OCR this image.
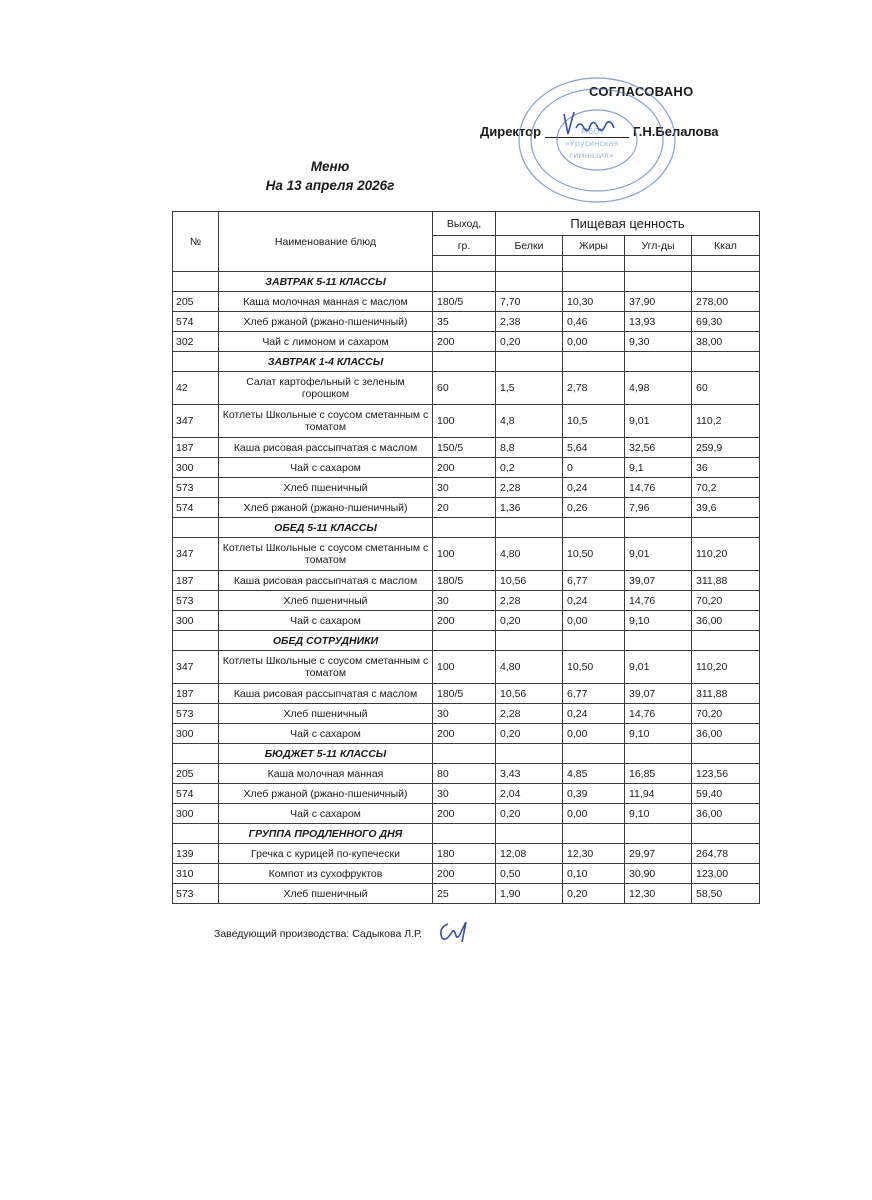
СОГЛАСОВАНО
Директор	Г.Н.Белалова
МБОУ
«Урусинская
гимназия»
Меню
На 13 апреля 2026г
№	Наименование блюд	Выход,	Пищевая ценность			
		гр.	Белки	Жиры	Угл-ды	Ккал

	ЗАВТРАК 5-11 КЛАССЫ					
205	Каша молочная манная с маслом	180/5	7,70	10,30	37,90	278,00
574	Хлеб ржаной (ржано-пшеничный)	35	2,38	0,46	13,93	69,30
302	Чай с лимоном и сахаром	200	0,20	0,00	9,30	38,00
	ЗАВТРАК 1-4 КЛАССЫ					
42	Салат картофельный с зеленым горошком	60	1,5	2,78	4,98	60
347	Котлеты Школьные с соусом сметанным с томатом	100	4,8	10,5	9,01	110,2
187	Каша рисовая рассыпчатая с маслом	150/5	8,8	5,64	32,56	259,9
300	Чай с сахаром	200	0,2	0	9,1	36
573	Хлеб пшеничный	30	2,28	0,24	14,76	70,2
574	Хлеб ржаной (ржано-пшеничный)	20	1,36	0,26	7,96	39,6
	ОБЕД 5-11 КЛАССЫ					
347	Котлеты Школьные с соусом сметанным с томатом	100	4,80	10,50	9,01	110,20
187	Каша рисовая рассыпчатая с маслом	180/5	10,56	6,77	39,07	311,88
573	Хлеб пшеничный	30	2,28	0,24	14,76	70,20
300	Чай с сахаром	200	0,20	0,00	9,10	36,00
	ОБЕД СОТРУДНИКИ					
347	Котлеты Школьные с соусом сметанным с томатом	100	4,80	10,50	9,01	110,20
187	Каша рисовая рассыпчатая с маслом	180/5	10,56	6,77	39,07	311,88
573	Хлеб пшеничный	30	2,28	0,24	14,76	70,20
300	Чай с сахаром	200	0,20	0,00	9,10	36,00
	БЮДЖЕТ 5-11 КЛАССЫ					
205	Каша молочная манная	80	3,43	4,85	16,85	123,56
574	Хлеб ржаной (ржано-пшеничный)	30	2,04	0,39	11,94	59,40
300	Чай с сахаром	200	0,20	0,00	9,10	36,00
	ГРУППА ПРОДЛЕННОГО ДНЯ					
139	Гречка с курицей по-купечески	180	12,08	12,30	29,97	264,78
310	Компот из сухофруктов	200	0,50	0,10	30,90	123,00
573	Хлеб пшеничный	25	1,90	0,20	12,30	58,50
Заведующий производства: Садыкова Л.Р.
